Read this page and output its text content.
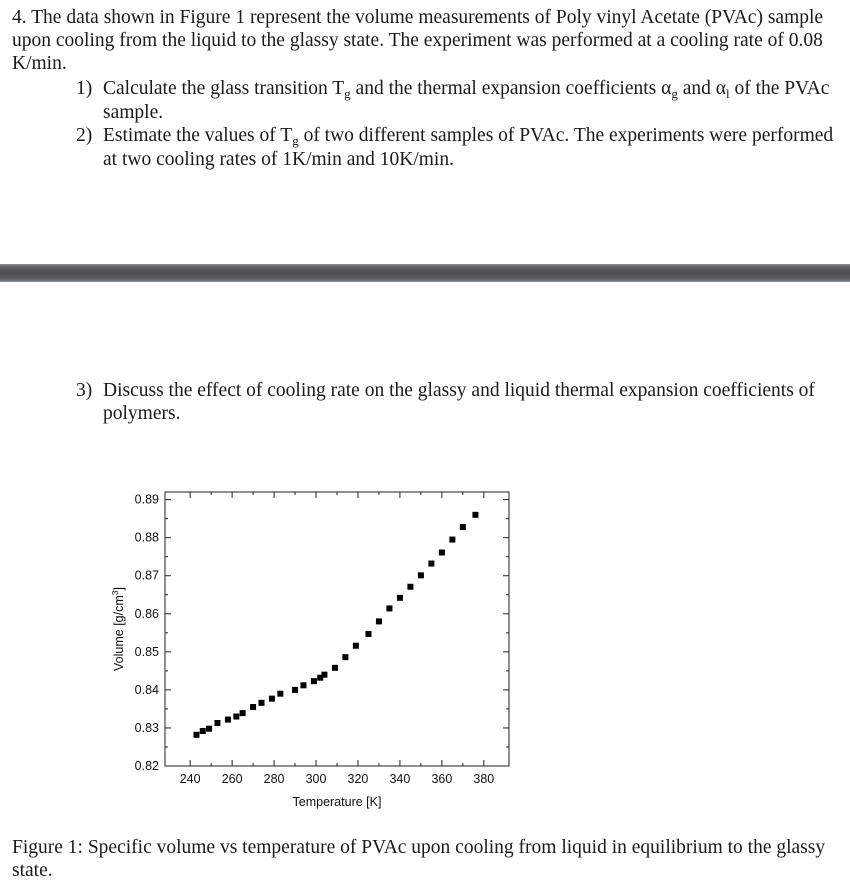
4. The data shown in Figure 1 represent the volume measurements of Poly vinyl Acetate (PVAc) sample upon cooling from the liquid to the glassy state. The experiment was performed at a cooling rate of 0.08 K/min.
1) Calculate the glass transition $T_g$ and the thermal expansion coefficients $\alpha_g$ and $\alpha_l$ of the PVAc sample.
2) Estimate the values of $T_g$ of two different samples of PVAc. The experiments were performed at two cooling rates of 1K/min and 10K/min.
3) Discuss the effect of cooling rate on the glassy and liquid thermal expansion coefficients of polymers.
240 260 280 300 320 340 360 380
0.82
0.83
0.84
0.85
0.86
0.87
0.88
0.89
Volume $[g/cm^3]$
Temperature [K]
Figure 1: Specific volume vs temperature of PVAc upon cooling from liquid in equilibrium to the glassy state.
